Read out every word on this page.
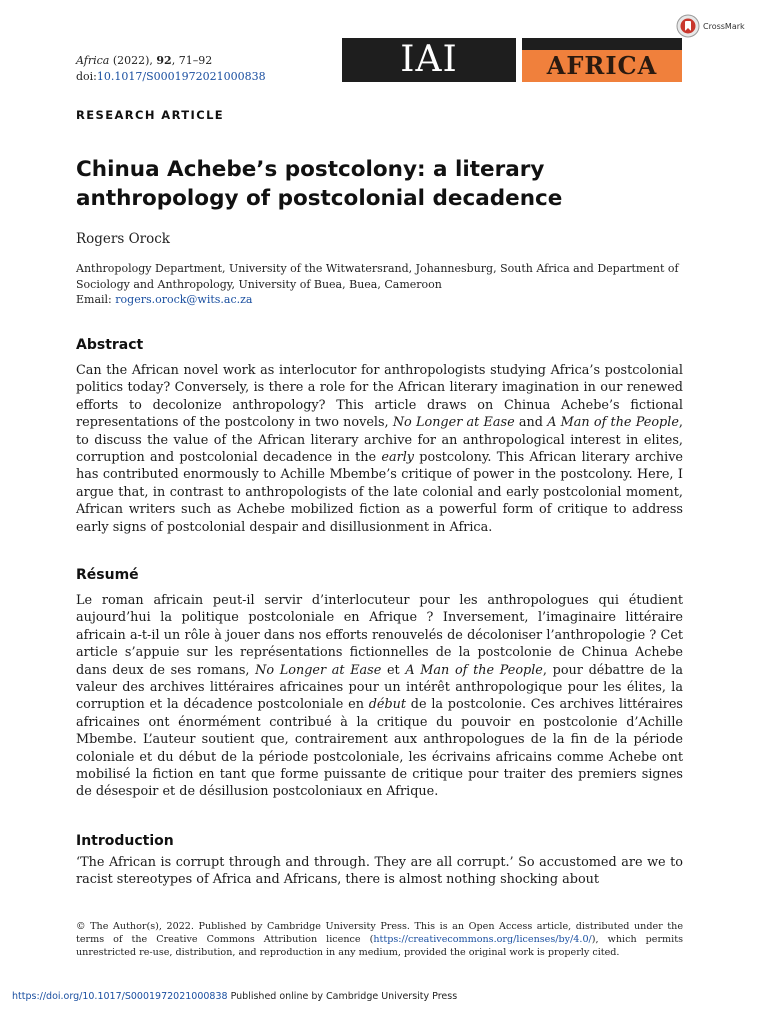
Africa (2022), 92, 71–92
doi:10.1017/S0001972021000838	IAI	AFRICA
CrossMark
RESEARCH ARTICLE
Chinua Achebe’s postcolony: a literary anthropology of postcolonial decadence
Rogers Orock
Anthropology Department, University of the Witwatersrand, Johannesburg, South Africa and Department of Sociology and Anthropology, University of Buea, Buea, Cameroon
Email: rogers.orock@wits.ac.za
Abstract
Can the African novel work as interlocutor for anthropologists studying Africa’s postcolonial politics today? Conversely, is there a role for the African literary imagination in our renewed efforts to decolonize anthropology? This article draws on Chinua Achebe’s fictional representations of the postcolony in two novels, No Longer at Ease and A Man of the People, to discuss the value of the African literary archive for an anthropological interest in elites, corruption and postcolonial decadence in the early postcolony. This African literary archive has contributed enormously to Achille Mbembe’s critique of power in the postcolony. Here, I argue that, in contrast to anthropologists of the late colonial and early postcolonial moment, African writers such as Achebe mobilized fiction as a powerful form of critique to address early signs of postcolonial despair and disillusionment in Africa.
Résumé
Le roman africain peut-il servir d’interlocuteur pour les anthropologues qui étudient aujourd’hui la politique postcoloniale en Afrique ? Inversement, l’imaginaire littéraire africain a-t-il un rôle à jouer dans nos efforts renouvelés de décoloniser l’anthropologie ? Cet article s’appuie sur les représentations fictionnelles de la postcolonie de Chinua Achebe dans deux de ses romans, No Longer at Ease et A Man of the People, pour débattre de la valeur des archives littéraires africaines pour un intérêt anthropologique pour les élites, la corruption et la décadence postcoloniale en début de la postcolonie. Ces archives littéraires africaines ont énormément contribué à la critique du pouvoir en postcolonie d’Achille Mbembe. L’auteur soutient que, contrairement aux anthropologues de la fin de la période coloniale et du début de la période postcoloniale, les écrivains africains comme Achebe ont mobilisé la fiction en tant que forme puissante de critique pour traiter des premiers signes de désespoir et de désillusion postcoloniaux en Afrique.
Introduction
‘The African is corrupt through and through. They are all corrupt.’ So accustomed are we to racist stereotypes of Africa and Africans, there is almost nothing shocking about
© The Author(s), 2022. Published by Cambridge University Press. This is an Open Access article, distributed under the terms of the Creative Commons Attribution licence (https://creativecommons.org/licenses/by/4.0/), which permits unrestricted re-use, distribution, and reproduction in any medium, provided the original work is properly cited.
https://doi.org/10.1017/S0001972021000838 Published online by Cambridge University Press
